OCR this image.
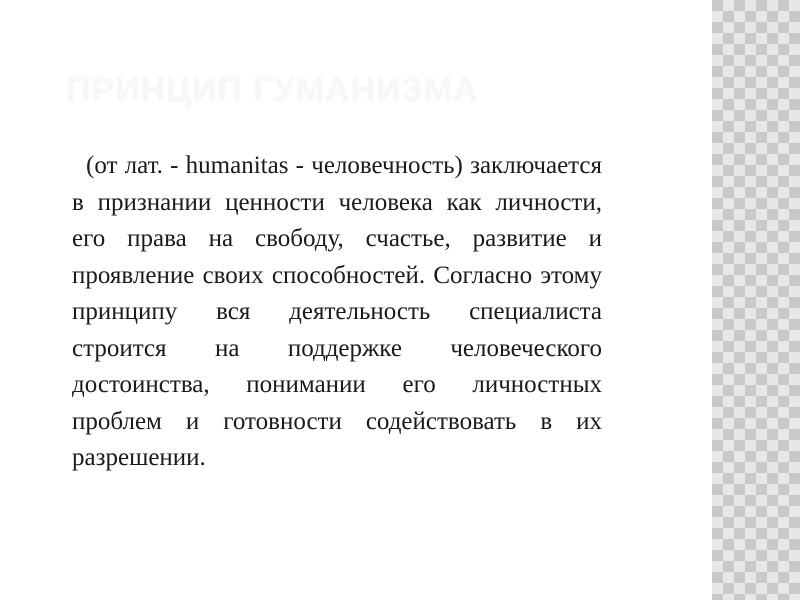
ПРИНЦИП ГУМАНИЗМА

(от лат. - humanitas - человечность) заключается в признании ценности человека как личности, его права на свободу, счастье, развитие и проявление своих способностей. Согласно этому принципу вся деятельность специалиста строится на поддержке человеческого достоинства, понимании его личностных проблем и готовности содействовать в их разрешении.
